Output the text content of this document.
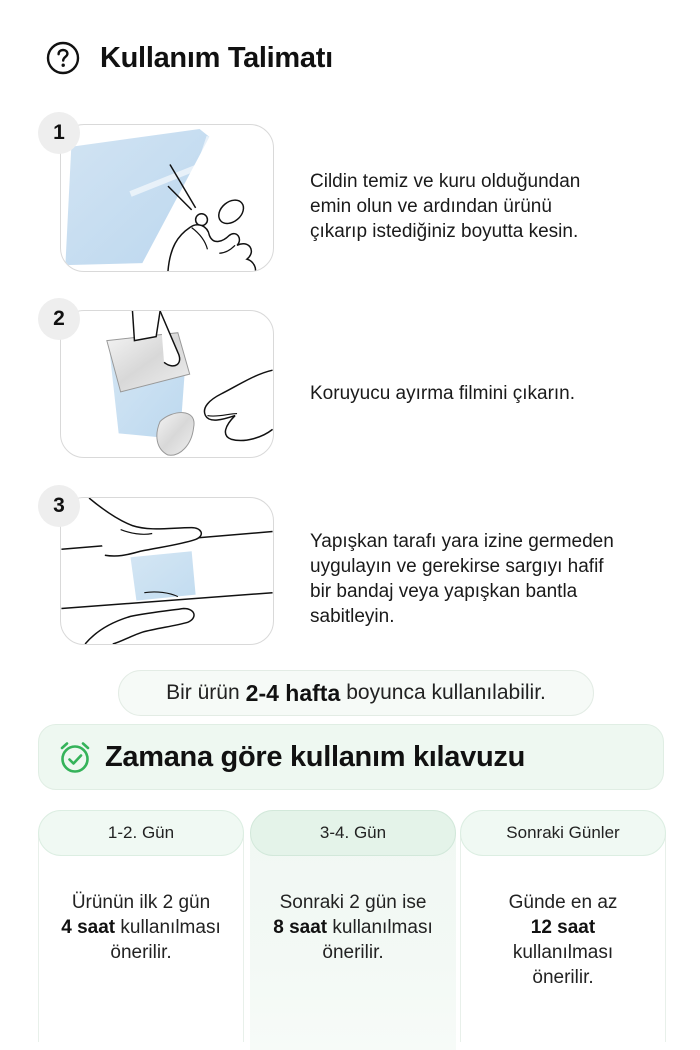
Kullanım Talimatı
1
Cildin temiz ve kuru olduğundan
emin olun ve ardından ürünü
çıkarıp istediğiniz boyutta kesin.
2
Koruyucu ayırma filmini çıkarın.
3
Yapışkan tarafı yara izine germeden
uygulayın ve gerekirse sargıyı hafif
bir bandaj veya yapışkan bantla
sabitleyin.
Bir ürün 2-4 hafta boyunca kullanılabilir.
Zamana göre kullanım kılavuzu
1-2. Gün
Ürünün ilk 2 gün
4 saat kullanılması
önerilir.
3-4. Gün
Sonraki 2 gün ise
8 saat kullanılması
önerilir.
Sonraki Günler
Günde en az
12 saat
kullanılması
önerilir.
